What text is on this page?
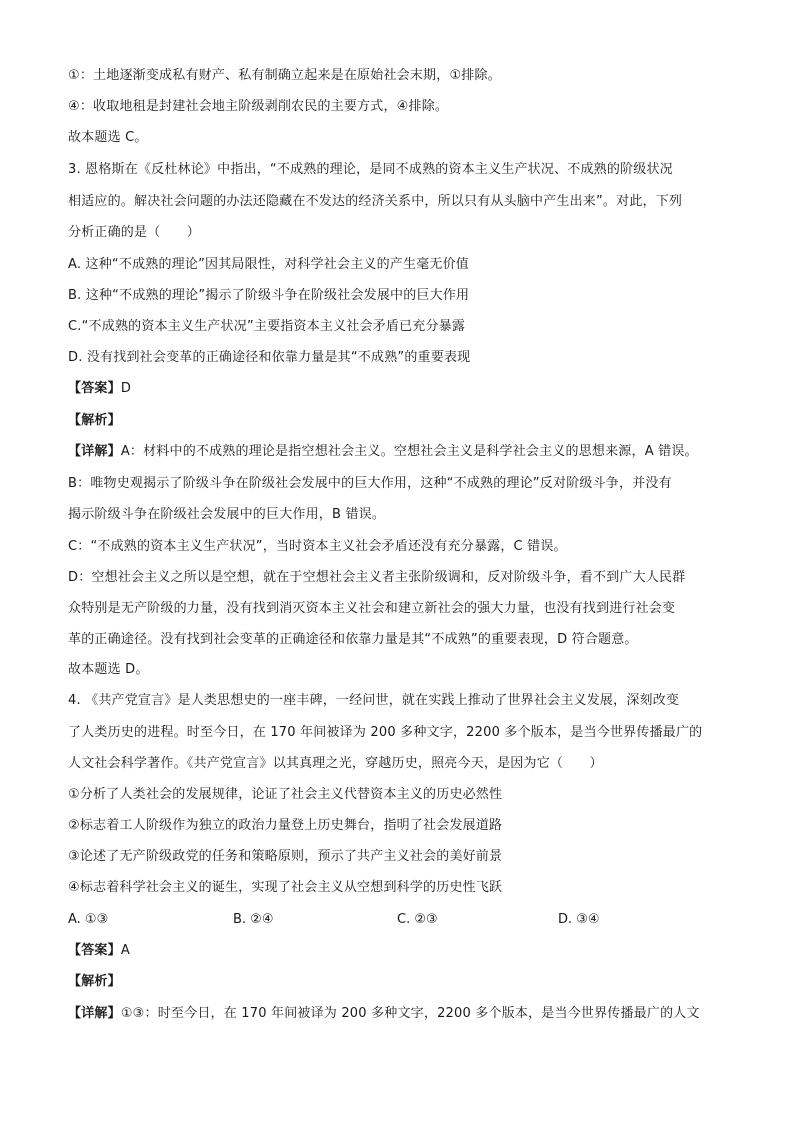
①：土地逐渐变成私有财产、私有制确立起来是在原始社会末期，①排除。
④：收取地租是封建社会地主阶级剥削农民的主要方式，④排除。
故本题选 C。
3. 恩格斯在《反杜林论》中指出，“不成熟的理论，是同不成熟的资本主义生产状况、不成熟的阶级状况
相适应的。解决社会问题的办法还隐藏在不发达的经济关系中，所以只有从头脑中产生出来”。对此，下列
分析正确的是（　　）
A. 这种“不成熟的理论”因其局限性，对科学社会主义的产生毫无价值
B. 这种“不成熟的理论”揭示了阶级斗争在阶级社会发展中的巨大作用
C.“不成熟的资本主义生产状况”主要指资本主义社会矛盾已充分暴露
D. 没有找到社会变革的正确途径和依靠力量是其“不成熟”的重要表现
【答案】D
【解析】
【详解】A：材料中的不成熟的理论是指空想社会主义。空想社会主义是科学社会主义的思想来源，A 错误。
B：唯物史观揭示了阶级斗争在阶级社会发展中的巨大作用，这种“不成熟的理论”反对阶级斗争，并没有
揭示阶级斗争在阶级社会发展中的巨大作用，B 错误。
C：“不成熟的资本主义生产状况”，当时资本主义社会矛盾还没有充分暴露，C 错误。
D：空想社会主义之所以是空想，就在于空想社会主义者主张阶级调和，反对阶级斗争，看不到广大人民群
众特别是无产阶级的力量，没有找到消灭资本主义社会和建立新社会的强大力量，也没有找到进行社会变
革的正确途径。没有找到社会变革的正确途径和依靠力量是其“不成熟”的重要表现，D 符合题意。
故本题选 D。
4. 《共产党宣言》是人类思想史的一座丰碑，一经问世，就在实践上推动了世界社会主义发展，深刻改变
了人类历史的进程。时至今日，在 170 年间被译为 200 多种文字，2200 多个版本，是当今世界传播最广的
人文社会科学著作。《共产党宣言》以其真理之光，穿越历史，照亮今天，是因为它（　　）
①分析了人类社会的发展规律，论证了社会主义代替资本主义的历史必然性
②标志着工人阶级作为独立的政治力量登上历史舞台，指明了社会发展道路
③论述了无产阶级政党的任务和策略原则，预示了共产主义社会的美好前景
④标志着科学社会主义的诞生，实现了社会主义从空想到科学的历史性飞跃
A. ①③	B. ②④	C. ②③	D. ③④
【答案】A
【解析】
【详解】①③：时至今日，在 170 年间被译为 200 多种文字，2200 多个版本，是当今世界传播最广的人文
